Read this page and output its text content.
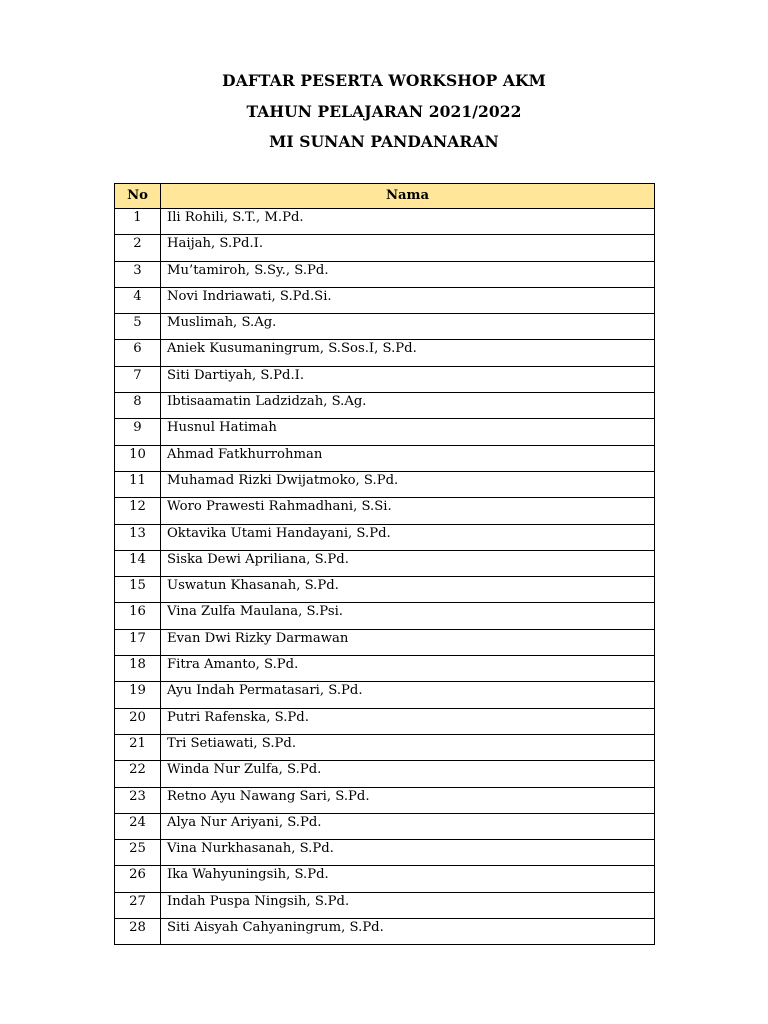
DAFTAR PESERTA WORKSHOP AKM
TAHUN PELAJARAN 2021/2022
MI SUNAN PANDANARAN
No	Nama
1	Ili Rohili, S.T., M.Pd.
2	Haijah, S.Pd.I.
3	Mu’tamiroh, S.Sy., S.Pd.
4	Novi Indriawati, S.Pd.Si.
5	Muslimah, S.Ag.
6	Aniek Kusumaningrum, S.Sos.I, S.Pd.
7	Siti Dartiyah, S.Pd.I.
8	Ibtisaamatin Ladzidzah, S.Ag.
9	Husnul Hatimah
10	Ahmad Fatkhurrohman
11	Muhamad Rizki Dwijatmoko, S.Pd.
12	Woro Prawesti Rahmadhani, S.Si.
13	Oktavika Utami Handayani, S.Pd.
14	Siska Dewi Apriliana, S.Pd.
15	Uswatun Khasanah, S.Pd.
16	Vina Zulfa Maulana, S.Psi.
17	Evan Dwi Rizky Darmawan
18	Fitra Amanto, S.Pd.
19	Ayu Indah Permatasari, S.Pd.
20	Putri Rafenska, S.Pd.
21	Tri Setiawati, S.Pd.
22	Winda Nur Zulfa, S.Pd.
23	Retno Ayu Nawang Sari, S.Pd.
24	Alya Nur Ariyani, S.Pd.
25	Vina Nurkhasanah, S.Pd.
26	Ika Wahyuningsih, S.Pd.
27	Indah Puspa Ningsih, S.Pd.
28	Siti Aisyah Cahyaningrum, S.Pd.
